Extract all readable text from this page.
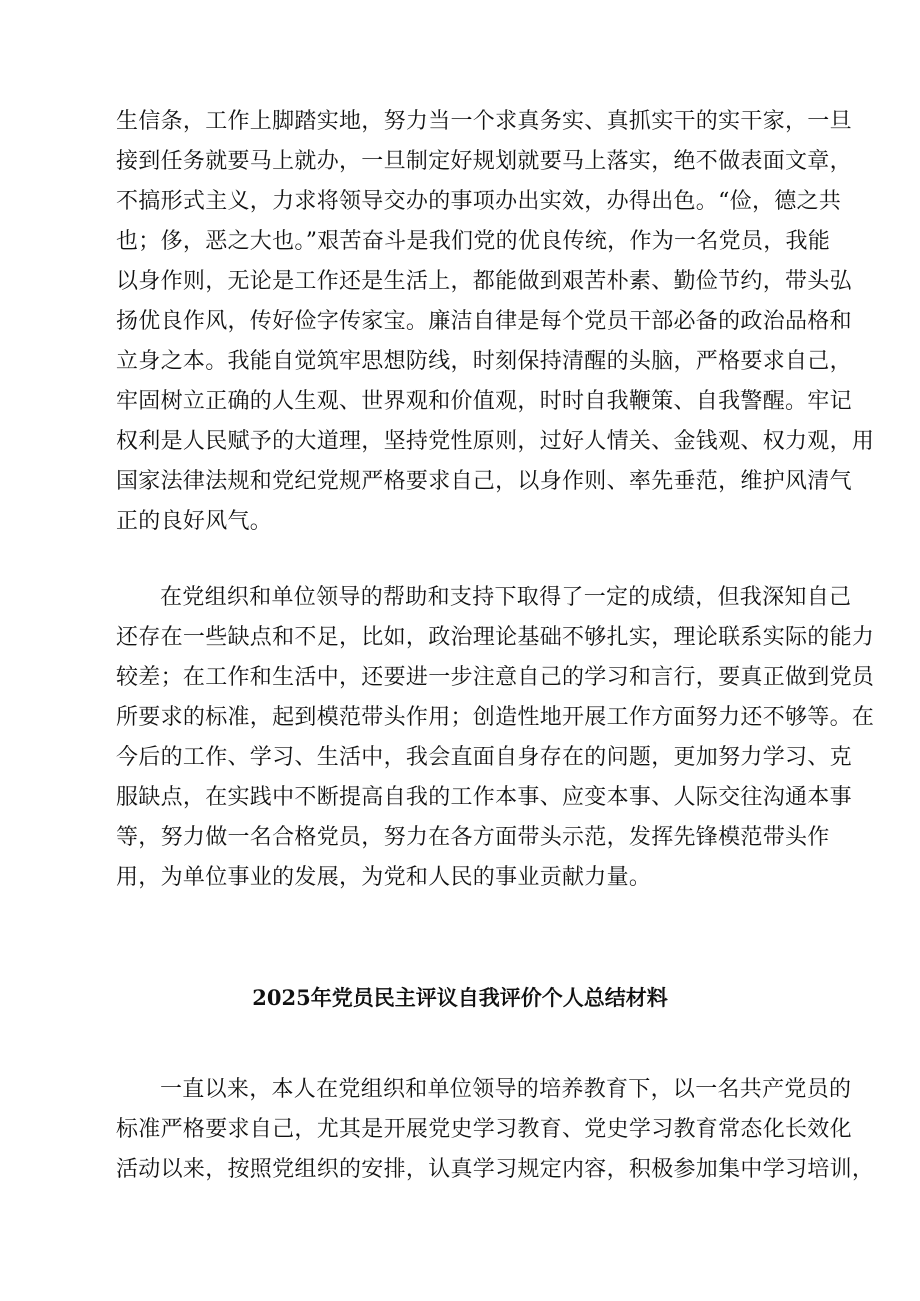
生信条，工作上脚踏实地，努力当一个求真务实、真抓实干的实干家，一旦
接到任务就要马上就办，一旦制定好规划就要马上落实，绝不做表面文章，
不搞形式主义，力求将领导交办的事项办出实效，办得出色。“俭，德之共
也；侈，恶之大也。”艰苦奋斗是我们党的优良传统，作为一名党员，我能
以身作则，无论是工作还是生活上，都能做到艰苦朴素、勤俭节约，带头弘
扬优良作风，传好俭字传家宝。廉洁自律是每个党员干部必备的政治品格和
立身之本。我能自觉筑牢思想防线，时刻保持清醒的头脑，严格要求自己，
牢固树立正确的人生观、世界观和价值观，时时自我鞭策、自我警醒。牢记
权利是人民赋予的大道理，坚持党性原则，过好人情关、金钱观、权力观，用
国家法律法规和党纪党规严格要求自己，以身作则、率先垂范，维护风清气
正的良好风气。
在党组织和单位领导的帮助和支持下取得了一定的成绩，但我深知自己
还存在一些缺点和不足，比如，政治理论基础不够扎实，理论联系实际的能力
较差；在工作和生活中，还要进一步注意自己的学习和言行，要真正做到党员
所要求的标准，起到模范带头作用；创造性地开展工作方面努力还不够等。在
今后的工作、学习、生活中，我会直面自身存在的问题，更加努力学习、克
服缺点，在实践中不断提高自我的工作本事、应变本事、人际交往沟通本事
等，努力做一名合格党员，努力在各方面带头示范，发挥先锋模范带头作
用，为单位事业的发展，为党和人民的事业贡献力量。
2025年党员民主评议自我评价个人总结材料
一直以来，本人在党组织和单位领导的培养教育下，以一名共产党员的
标准严格要求自己，尤其是开展党史学习教育、党史学习教育常态化长效化
活动以来，按照党组织的安排，认真学习规定内容，积极参加集中学习培训，
